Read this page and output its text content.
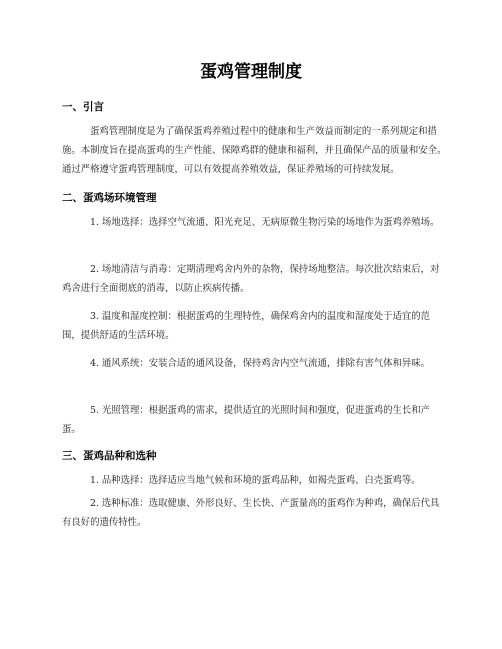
蛋鸡管理制度
一、引言

蛋鸡管理制度是为了确保蛋鸡养殖过程中的健康和生产效益而制定的一系列规定和措施。本制度旨在提高蛋鸡的生产性能、保障鸡群的健康和福利，并且确保产品的质量和安全。通过严格遵守蛋鸡管理制度，可以有效提高养殖效益，保证养殖场的可持续发展。

二、蛋鸡场环境管理

1. 场地选择：选择空气流通、阳光充足、无病原微生物污染的场地作为蛋鸡养殖场。

2. 场地清洁与消毒：定期清理鸡舍内外的杂物，保持场地整洁。每次批次结束后，对鸡舍进行全面彻底的消毒，以防止疾病传播。

3. 温度和湿度控制：根据蛋鸡的生理特性，确保鸡舍内的温度和湿度处于适宜的范围，提供舒适的生活环境。

4. 通风系统：安装合适的通风设备，保持鸡舍内空气流通，排除有害气体和异味。

5. 光照管理：根据蛋鸡的需求，提供适宜的光照时间和强度，促进蛋鸡的生长和产蛋。

三、蛋鸡品种和选种

1. 品种选择：选择适应当地气候和环境的蛋鸡品种，如褐壳蛋鸡、白壳蛋鸡等。

2. 选种标准：选取健康、外形良好、生长快、产蛋量高的蛋鸡作为种鸡，确保后代具有良好的遗传特性。
